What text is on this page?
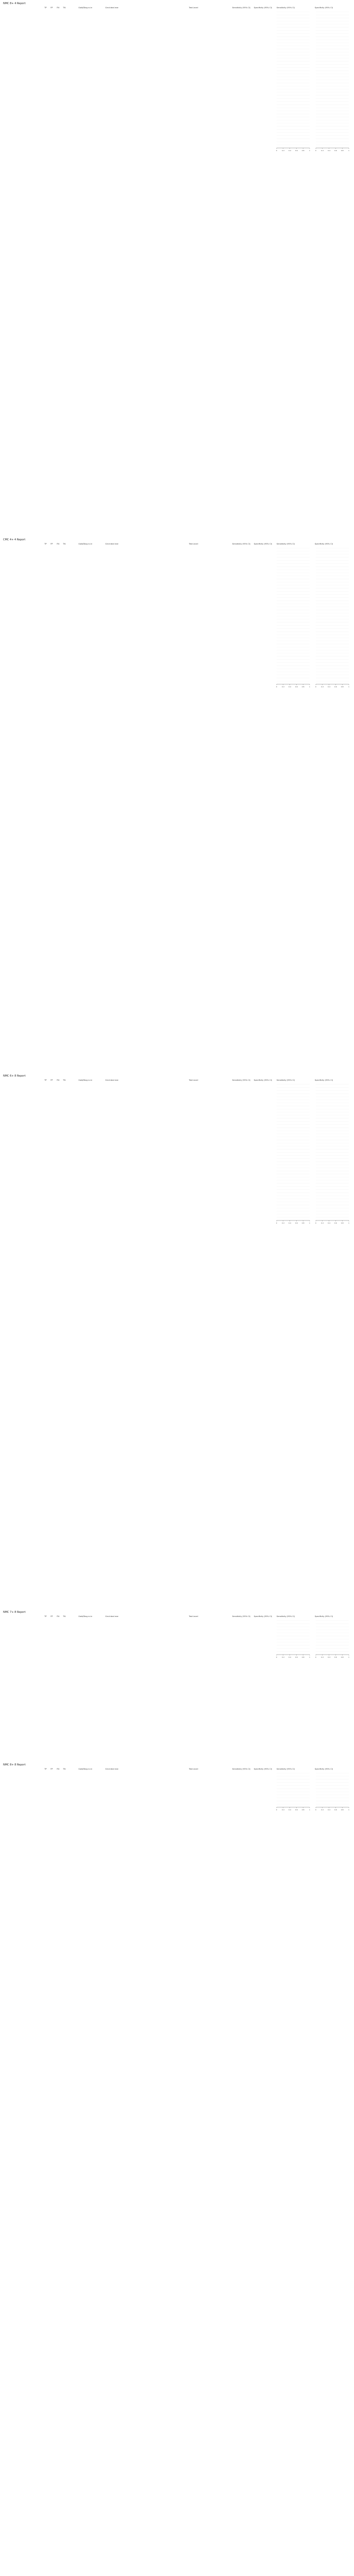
NMC 8+ 4 Report
TP FP FN TN	Gold/Diag rc.ie	Grnd deal eve	Test Level	Sensitivity (95% CI) Specificity (95% CI) Sensitivity (95% CI)	Specificity (95% CI)
0	0.2	0.4	0.6	0.8	1	0	0.2	0.4	0.6	0.8	1
CMC 4+ 4 Report
TP FP FN TN	Gold/Diag rc.ie	Grnd deal eve	Test Level	Sensitivity (95% CI) Specificity (95% CI) Sensitivity (95% CI)	Specificity (95% CI)
0	0.2	0.4	0.6	0.8	1	0	0.2	0.4	0.6	0.8	1
NMC 6+ 8 Report
TP FP FN TN	Gold/Diag rc.ie	Grnd deal eve	Test Level	Sensitivity (95% CI) Specificity (95% CI) Sensitivity (95% CI)	Specificity (95% CI)
0	0.2	0.4	0.6	0.8	1	0	0.2	0.4	0.6	0.8	1
NMC 7+ 8 Report
TP FP FN TN	Gold/Diag rc.ie	Grnd deal eve	Test Level	Sensitivity (95% CI) Specificity (95% CI) Sensitivity (95% CI)	Specificity (95% CI)
0	0.2	0.4	0.6	0.8	1	0	0.2	0.4	0.6	0.8	1
NMC 8+ 8 Report
TP FP FN TN	Gold/Diag rc.ie	Grnd deal eve	Test Level	Sensitivity (95% CI) Specificity (95% CI) Sensitivity (95% CI)	Specificity (95% CI)
0	0.2	0.4	0.6	0.8	1	0	0.2	0.4	0.6	0.8	1
